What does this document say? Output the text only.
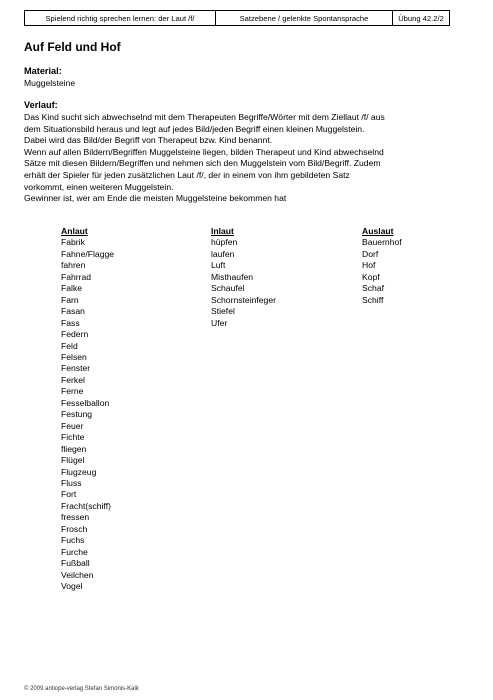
Spielend richtig sprechen lernen: der Laut /f/	Satzebene / gelenkte Spontansprache	Übung 42.2/2
Auf Feld und Hof
Material:
Muggelsteine
Verlauf:
Das Kind sucht sich abwechselnd mit dem Therapeuten Begriffe/Wörter mit dem Ziellaut /f/ aus
dem Situationsbild heraus und legt auf jedes Bild/jeden Begriff einen kleinen Muggelstein.
Dabei wird das Bild/der Begriff von Therapeut bzw. Kind benannt.
Wenn auf allen Bildern/Begriffen Muggelsteine liegen, bilden Therapeut und Kind abwechselnd
Sätze mit diesen Bildern/Begriffen und nehmen sich den Muggelstein vom Bild/Begriff. Zudem
erhält der Spieler für jeden zusätzlichen Laut /f/, der in einem von ihm gebildeten Satz
vorkommt, einen weiteren Muggelstein.
Gewinner ist, wer am Ende die meisten Muggelsteine bekommen hat
Anlaut
Fabrik
Fahne/Flagge
fahren
Fahrrad
Falke
Farn
Fasan
Fass
Federn
Feld
Felsen
Fenster
Ferkel
Ferne
Fesselballon
Festung
Feuer
Fichte
fliegen
Flügel
Flugzeug
Fluss
Fort
Fracht(schiff)
fressen
Frosch
Fuchs
Furche
Fußball
Veilchen
Vogel
Inlaut
hüpfen
laufen
Luft
Misthaufen
Schaufel
Schornsteinfeger
Stiefel
Ufer
Auslaut
Bauernhof
Dorf
Hof
Kopf
Schaf
Schiff
© 2009 antiope-verlag Stefan Simonis-Kalk
